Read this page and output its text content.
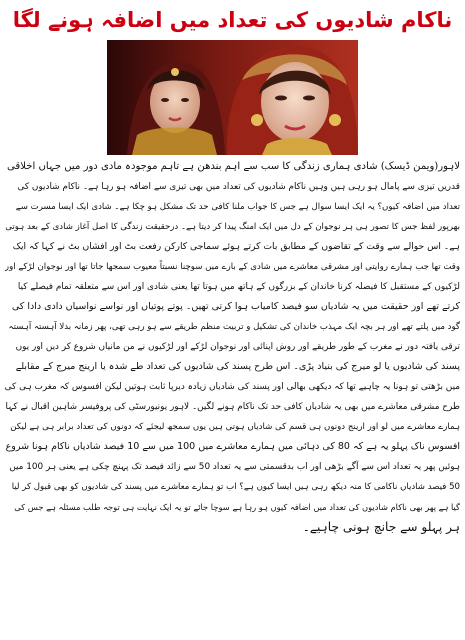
ناکام شادیوں کی تعداد میں اضافہ ہونے لگا
لاہور(ویمن ڈیسک) شادی ہماری زندگی کا سب سے اہم بندھن ہے تاہم موجودہ مادی دور میں جہاں اخلاقی
قدریں تیزی سے پامال ہو رہی ہیں وہیں ناکام شادیوں کی تعداد میں بھی تیزی سے اضافہ ہو رہا ہے۔ ناکام شادیوں کی
تعداد میں اضافہ کیوں؟ یہ ایک ایسا سوال ہے جس کا جواب ملنا کافی حد تک مشکل ہو چکا ہے۔ شادی ایک ایسا مسرت سے
بھرپور لفظ جس کا تصور ہی ہر نوجوان کے دل میں ایک امنگ پیدا کر دیتا ہے۔ درحقیقت زندگی کا اصل آغاز شادی کے بعد ہوتی
ہے۔ اس حوالے سے وقت کے تقاضوں کے مطابق بات کرتے ہوئے سماجی کارکن رفعت بٹ اور افشاں بٹ نے کہا کہ ایک
وقت تھا جب ہمارے روایتی اور مشرقی معاشرے میں شادی کے بارے میں سوچنا نسبتاً معیوب سمجھا جاتا تھا اور نوجوان لڑکے اور
لڑکیوں کے مستقبل کا فیصلہ کرنا خاندان کے بزرگوں کے ہاتھ میں ہوتا تھا یعنی شادی اور اس سے متعلقہ تمام فیصلے کیا
کرتے تھے اور حقیقت میں یہ شادیاں سو فیصد کامیاب ہوا کرتی تھیں۔ پوتے پوتیاں اور نواسے نواسیاں دادی دادا کی
گود میں پلتے تھے اور ہر بچہ ایک مہذب خاندان کی تشکیل و تربیت منظم طریقے سے ہو رہی تھی، پھر زمانہ بدلا آہستہ آہستہ
ترقی یافتہ دور نے مغرب کے طور طریقے اور روش اپنائی اور نوجوان لڑکے اور لڑکیوں نے من مانیاں شروع کر دیں اور یوں
پسند کی شادیوں یا لو میرج کی بنیاد پڑی۔ اس طرح پسند کی شادیوں کی تعداد طے شدہ یا ارینج میرج کے مقابلے
میں بڑھتی تو ہونا یہ چاہیے تھا کہ دیکھی بھالی اور پسند کی شادیاں زیادہ دیرپا ثابت ہوتیں لیکن افسوس کہ مغرب ہی کی
طرح مشرقی معاشرے میں بھی یہ شادیاں کافی حد تک ناکام ہونے لگیں۔ لاہور یونیورسٹی کی پروفیسر شاہین اقبال نے کہا
ہمارے معاشرے میں لو اور ارینج دونوں ہی قسم کی شادیاں ہوتی ہیں یوں سمجھ لیجئے کہ دونوں کی تعداد برابر ہی ہے لیکن
افسوس ناک پہلو یہ ہے کہ 80 کی دہائی میں ہمارے معاشرے میں 100 میں سے 10 فیصد شادیاں ناکام ہونا شروع
ہوئیں پھر یہ تعداد اس سے آگے بڑھی اور اب بدقسمتی سے یہ تعداد 50 سے زائد فیصد تک پہنچ چکی ہے یعنی ہر 100 میں
50 فیصد شادیاں ناکامی کا منہ دیکھ رہی ہیں ایسا کیوں ہے؟ اب تو ہمارے معاشرے میں پسند کی شادیوں کو بھی قبول کر لیا
گیا ہے پھر بھی ناکام شادیوں کی تعداد میں اضافہ کیوں ہو رہا ہے سوچا جائے تو یہ ایک نہایت ہی توجہ طلب مسئلہ ہے جس کی
ہر پہلو سے جانچ ہونی چاہیے۔
